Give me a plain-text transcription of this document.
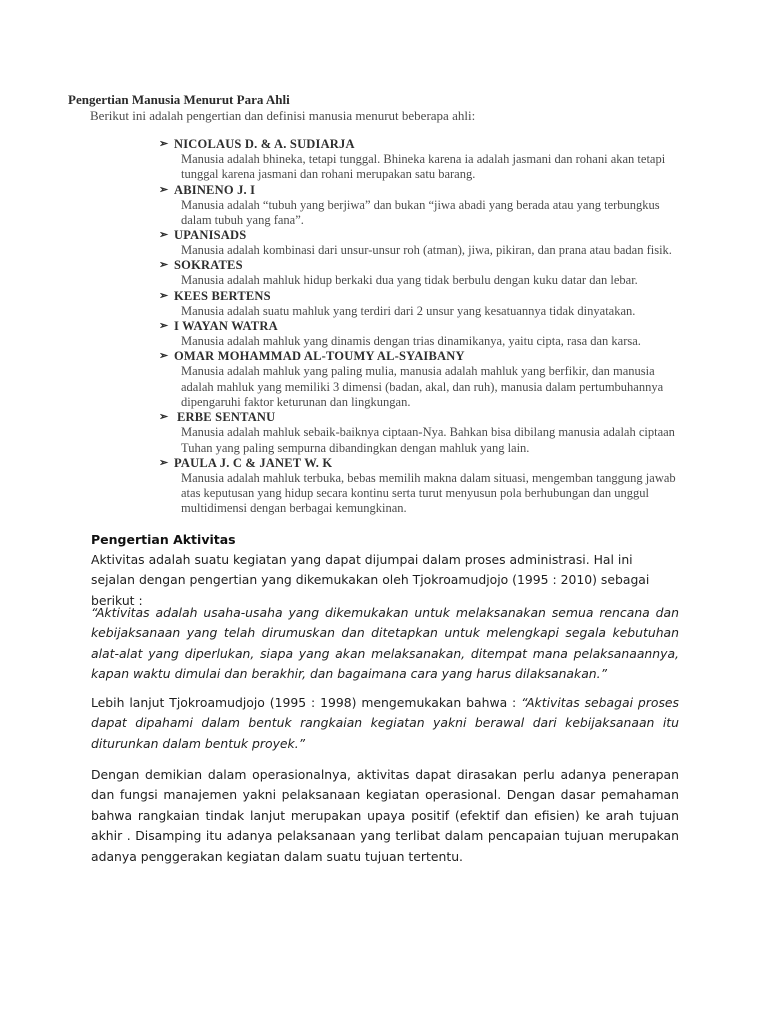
Pengertian Manusia Menurut Para Ahli
Berikut ini adalah pengertian dan definisi manusia menurut beberapa ahli:
➢ NICOLAUS D. & A. SUDIARJA
Manusia adalah bhineka, tetapi tunggal. Bhineka karena ia adalah jasmani dan rohani akan tetapi tunggal karena jasmani dan rohani merupakan satu barang.
➢ ABINENO J. I
Manusia adalah “tubuh yang berjiwa” dan bukan “jiwa abadi yang berada atau yang terbungkus dalam tubuh yang fana”.
➢ UPANISADS
Manusia adalah kombinasi dari unsur-unsur roh (atman), jiwa, pikiran, dan prana atau badan fisik.
➢ SOKRATES
Manusia adalah mahluk hidup berkaki dua yang tidak berbulu dengan kuku datar dan lebar.
➢ KEES BERTENS
Manusia adalah suatu mahluk yang terdiri dari 2 unsur yang kesatuannya tidak dinyatakan.
➢ I WAYAN WATRA
Manusia adalah mahluk yang dinamis dengan trias dinamikanya, yaitu cipta, rasa dan karsa.
➢ OMAR MOHAMMAD AL-TOUMY AL-SYAIBANY
Manusia adalah mahluk yang paling mulia, manusia adalah mahluk yang berfikir, dan manusia adalah mahluk yang memiliki 3 dimensi (badan, akal, dan ruh), manusia dalam pertumbuhannya dipengaruhi faktor keturunan dan lingkungan.
➢ ERBE SENTANU
Manusia adalah mahluk sebaik-baiknya ciptaan-Nya. Bahkan bisa dibilang manusia adalah ciptaan Tuhan yang paling sempurna dibandingkan dengan mahluk yang lain.
➢ PAULA J. C & JANET W. K
Manusia adalah mahluk terbuka, bebas memilih makna dalam situasi, mengemban tanggung jawab atas keputusan yang hidup secara kontinu serta turut menyusun pola berhubungan dan unggul multidimensi dengan berbagai kemungkinan.
Pengertian Aktivitas
Aktivitas adalah suatu kegiatan yang dapat dijumpai dalam proses administrasi. Hal ini sejalan dengan pengertian yang dikemukakan oleh Tjokroamudjojo (1995 : 2010) sebagai berikut :
“Aktivitas adalah usaha-usaha yang dikemukakan untuk melaksanakan semua rencana dan kebijaksanaan yang telah dirumuskan dan ditetapkan untuk melengkapi segala kebutuhan alat-alat yang diperlukan, siapa yang akan melaksanakan, ditempat mana pelaksanaannya, kapan waktu dimulai dan berakhir, dan bagaimana cara yang harus dilaksanakan.”
Lebih lanjut Tjokroamudjojo (1995 : 1998) mengemukakan bahwa : “Aktivitas sebagai proses dapat dipahami dalam bentuk rangkaian kegiatan yakni berawal dari kebijaksanaan itu diturunkan dalam bentuk proyek.”
Dengan demikian dalam operasionalnya, aktivitas dapat dirasakan perlu adanya penerapan dan fungsi manajemen yakni pelaksanaan kegiatan operasional. Dengan dasar pemahaman bahwa rangkaian tindak lanjut merupakan upaya positif (efektif dan efisien) ke arah tujuan akhir . Disamping itu adanya pelaksanaan yang terlibat dalam pencapaian tujuan merupakan adanya penggerakan kegiatan dalam suatu tujuan tertentu.
